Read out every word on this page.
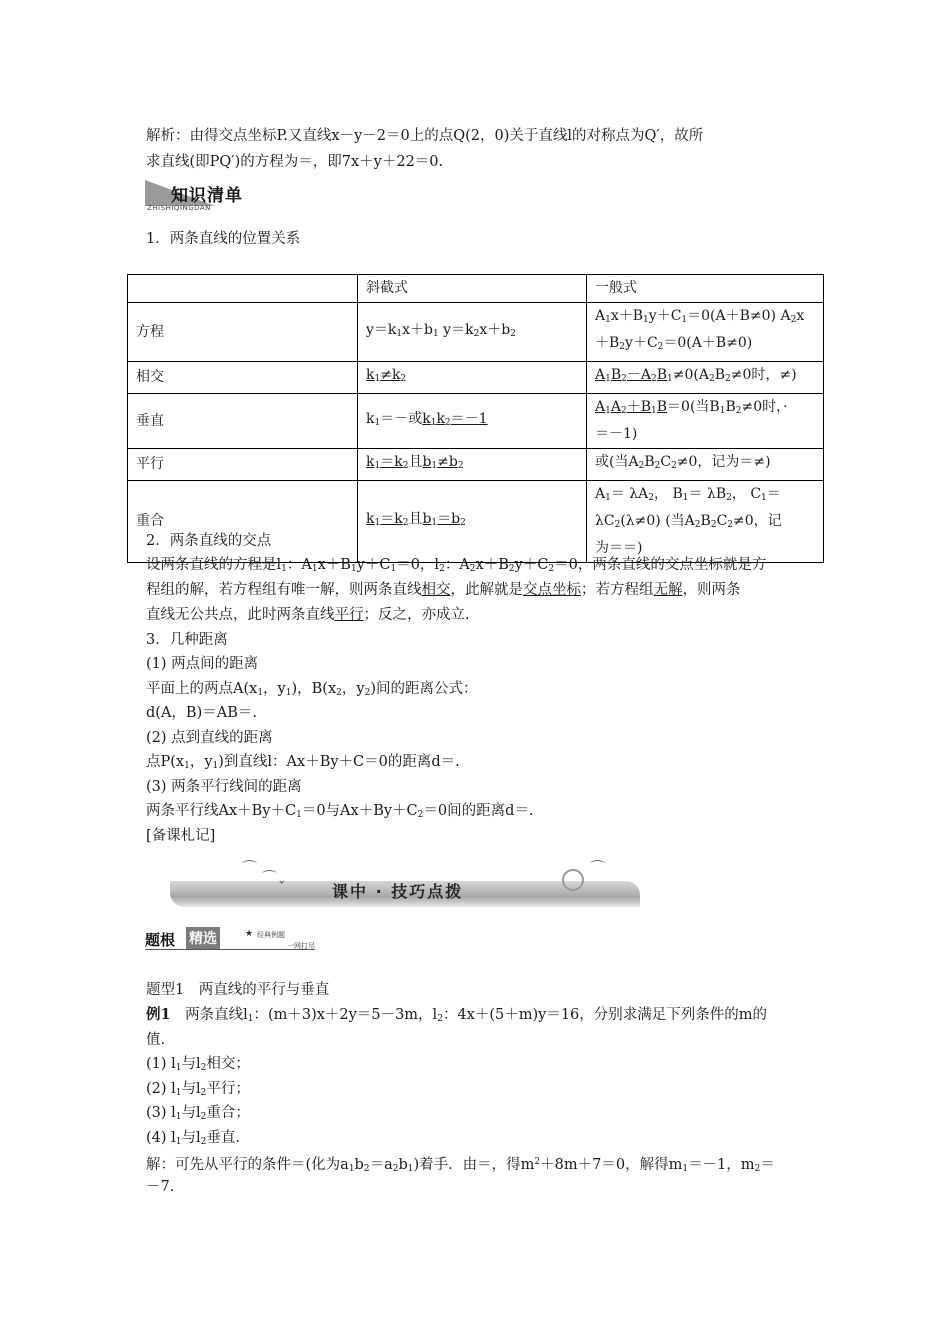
解析：由得交点坐标P.又直线x－y－2＝0上的点Q(2，0)关于直线l的对称点为Q′，故所
求直线(即PQ′)的方程为＝，即7x＋y＋22＝0.
知识清单
ZHISHIQINGDAN
1．两条直线的位置关系
	斜截式	一般式
方程	$y=k_1x+b_1$ $y=k_2x+b_2$	$A_1x+B_1y+C_1=0(A+B\ne 0)$ $A_2x$
$+B_2y+C_2=0(A+B\ne 0)$
相交	$k_1\ne k_2$	$A_1B_2-A_2B_1\ne 0(A_2B_2\ne 0$时，≠)
垂直	$k_1=-$或$k_1k_2=-1$	$A_1A_2+B_1B=0$(当$B_1B_2\ne 0$时，·
＝－1)
平行	$k_1=k_2$且$b_1\ne b_2$	或(当$A_2B_2C_2\ne 0$，记为＝≠)
重合	$k_1=k_2$且$b_1=b_2$	$A_1= \lambda A_2$， $B_1= \lambda B_2$， $C_1=$
$\lambda C_2(\lambda\ne 0)$ (当$A_2B_2C_2\ne 0$，记
为＝＝)
2．两条直线的交点
设两条直线的方程是$l_1$：$A_1x+B_1y+C_1=0$，$l_2$：$A_2x+B_2y+C_2=0$，两条直线的交点坐标就是方
程组的解，若方程组有唯一解，则两条直线相交，此解就是交点坐标；若方程组无解，则两条
直线无公共点，此时两条直线平行；反之，亦成立.
3．几种距离
(1) 两点间的距离
平面上的两点$A(x_1$，$y_1$)，$B(x_2$，$y_2$)间的距离公式：
d(A，B)＝AB＝.
(2) 点到直线的距离
点$P(x_1$，$y_1$)到直线l：Ax＋By＋C＝0的距离d＝.
(3) 两条平行线间的距离
两条平行线$Ax+By+C_1=0$与$Ax+By+C_2=0$间的距离d＝.
[备课札记]
⌒
⌒
ˇ
⌒
课中 · 技巧点拨
题根 精选	★ 经典例题
一网打尽
题型1　两直线的平行与垂直
例1　两条直线$l_1$：(m＋3)x＋2y＝5－3m，$l_2$：4x＋(5＋m)y＝16，分别求满足下列条件的m的
值.
(1) $l_1$与$l_2$相交；
(2) $l_1$与$l_2$平行；
(3) $l_1$与$l_2$重合；
(4) $l_1$与$l_2$垂直.
解：可先从平行的条件＝(化为$a_1b_2=a_2b_1$)着手．由＝，得$m^2+8m+7=0$，解得$m_1=-1$，$m_2=$
－7.
